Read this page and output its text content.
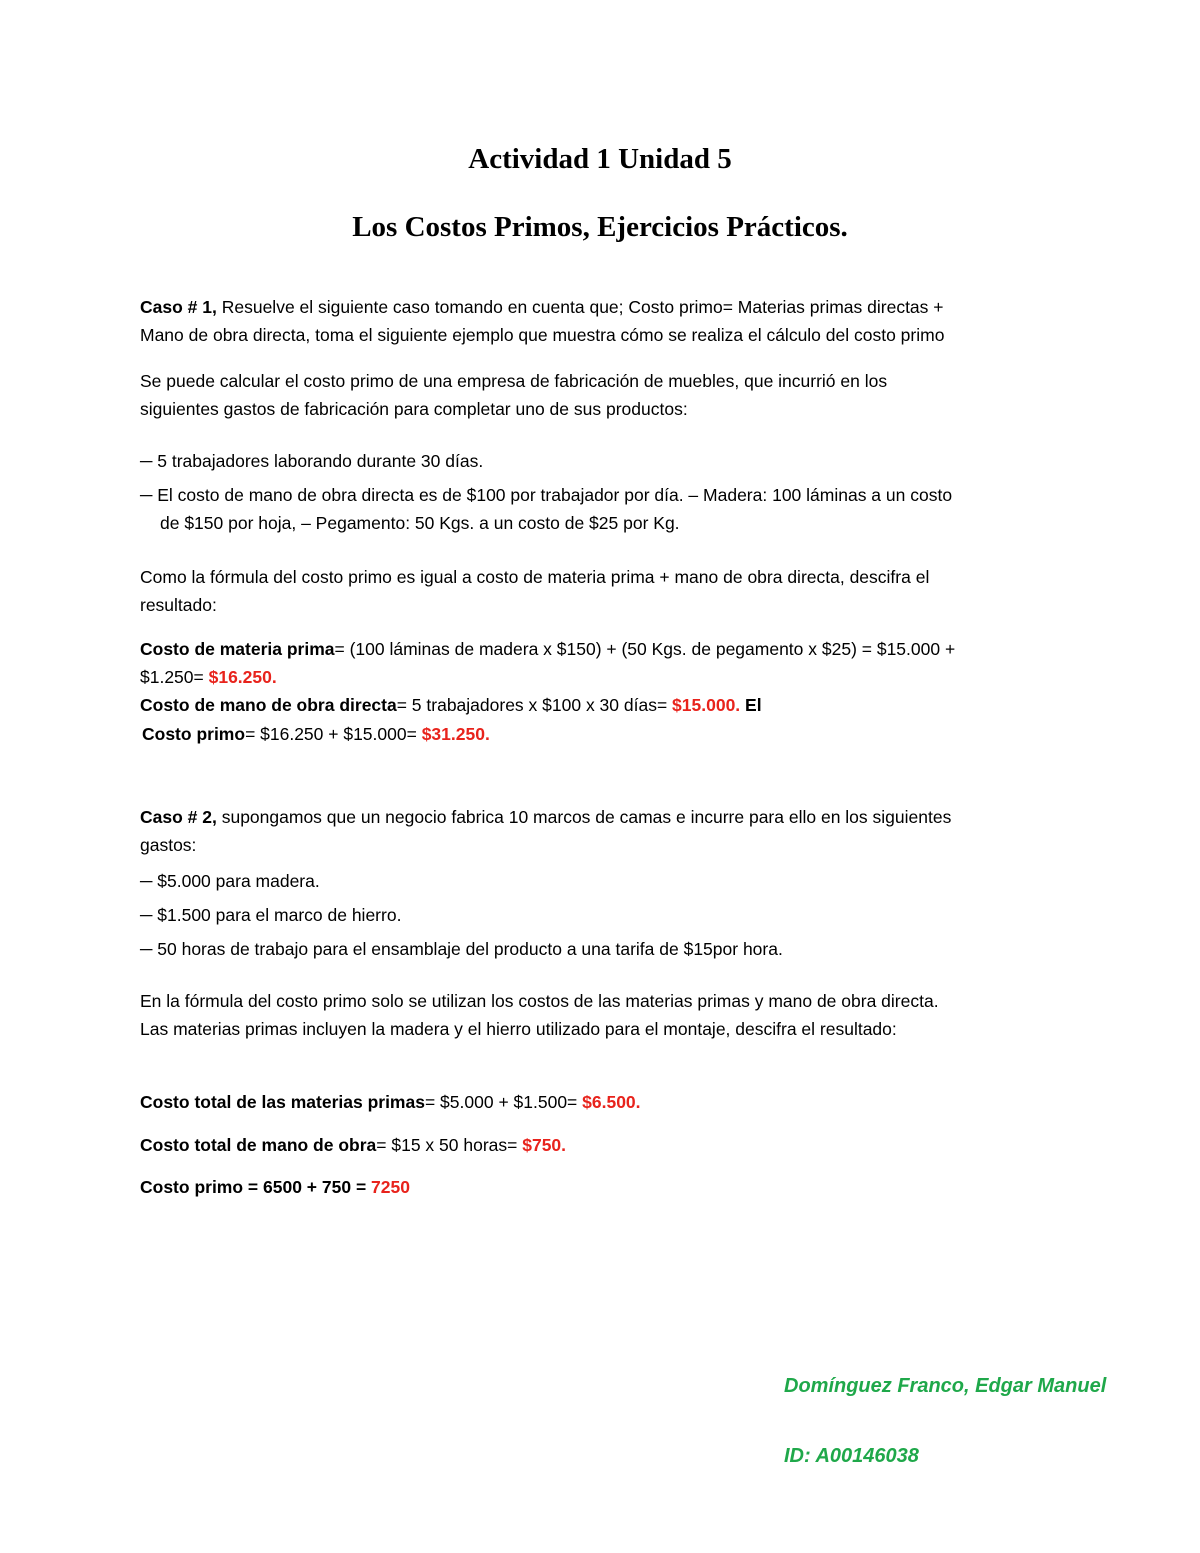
Actividad 1 Unidad 5
Los Costos Primos, Ejercicios Prácticos.
Caso # 1, Resuelve el siguiente caso tomando en cuenta que; Costo primo= Materias primas directas +
Mano de obra directa, toma el siguiente ejemplo que muestra cómo se realiza el cálculo del costo primo
Se puede calcular el costo primo de una empresa de fabricación de muebles, que incurrió en los
siguientes gastos de fabricación para completar uno de sus productos:
─ 5 trabajadores laborando durante 30 días.
─ El costo de mano de obra directa es de $100 por trabajador por día. – Madera: 100 láminas a un costo
de $150 por hoja, – Pegamento: 50 Kgs. a un costo de $25 por Kg.
Como la fórmula del costo primo es igual a costo de materia prima + mano de obra directa, descifra el
resultado:
Costo de materia prima= (100 láminas de madera x $150) + (50 Kgs. de pegamento x $25) = $15.000 +
$1.250= $16.250.
Costo de mano de obra directa= 5 trabajadores x $100 x 30 días= $15.000. El
Costo primo= $16.250 + $15.000= $31.250.
Caso # 2, supongamos que un negocio fabrica 10 marcos de camas e incurre para ello en los siguientes
gastos:
─ $5.000 para madera.
─ $1.500 para el marco de hierro.
─ 50 horas de trabajo para el ensamblaje del producto a una tarifa de $15por hora.
En la fórmula del costo primo solo se utilizan los costos de las materias primas y mano de obra directa.
Las materias primas incluyen la madera y el hierro utilizado para el montaje, descifra el resultado:
Costo total de las materias primas= $5.000 + $1.500= $6.500.
Costo total de mano de obra= $15 x 50 horas= $750.
Costo primo = 6500 + 750 = 7250
Domínguez Franco, Edgar Manuel
ID: A00146038
